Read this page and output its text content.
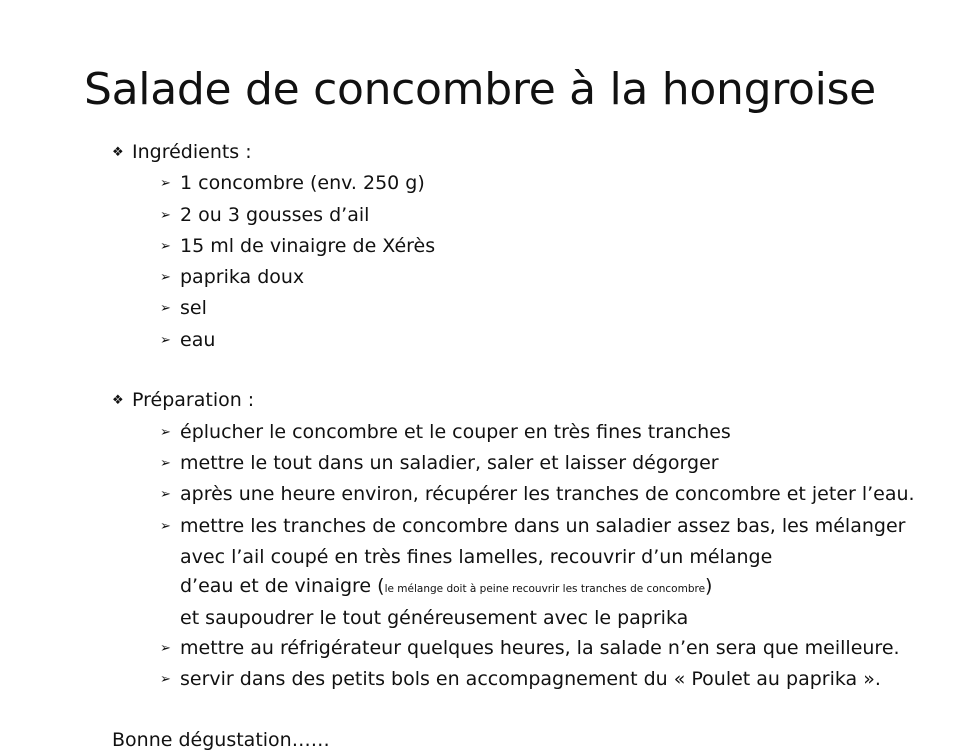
Salade de concombre à la hongroise
❖ Ingrédients :
➢ 1 concombre (env. 250 g)
➢ 2 ou 3 gousses d’ail
➢ 15 ml de vinaigre de Xérès
➢ paprika doux
➢ sel
➢ eau
❖ Préparation :
➢ éplucher le concombre et le couper en très fines tranches
➢ mettre le tout dans un saladier, saler et laisser dégorger
➢ après une heure environ, récupérer les tranches de concombre et jeter l’eau.
➢ mettre les tranches de concombre dans un saladier assez bas, les mélanger
avec l’ail coupé en très fines lamelles, recouvrir d’un mélange
d’eau et de vinaigre (le mélange doit à peine recouvrir les tranches de concombre)
et saupoudrer le tout généreusement avec le paprika
➢ mettre au réfrigérateur quelques heures, la salade n’en sera que meilleure.
➢ servir dans des petits bols en accompagnement du « Poulet au paprika ».
Bonne dégustation……
